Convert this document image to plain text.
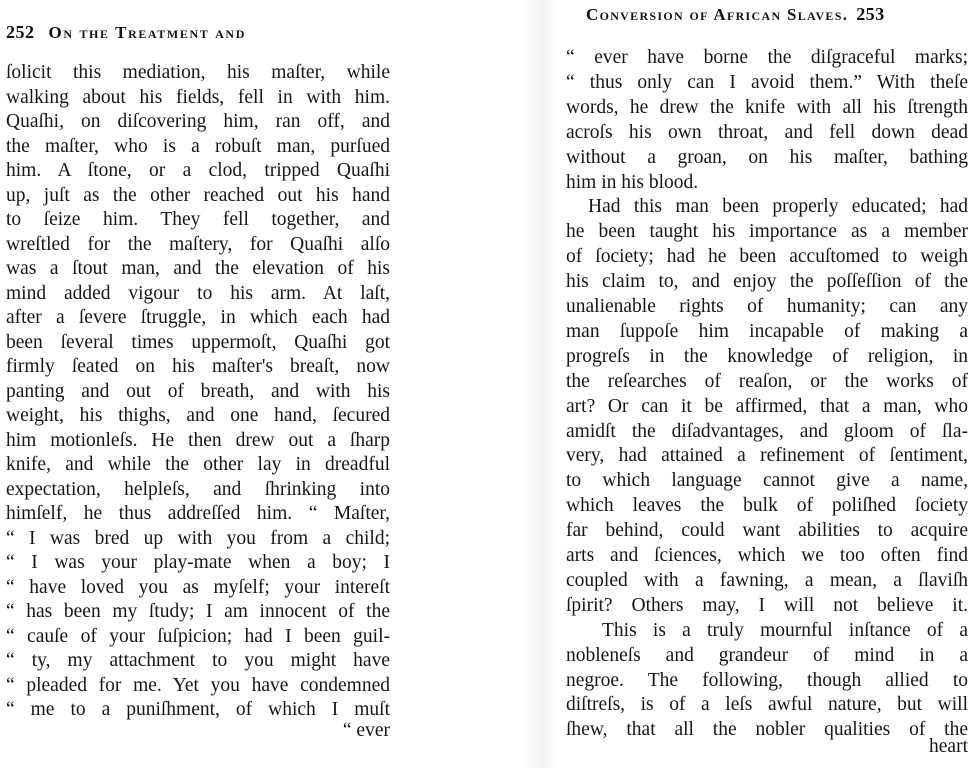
252 On the Treatment and
ſolicit this mediation, his maſter, while
walking about his fields, fell in with him.
Quaſhi, on diſcovering him, ran off, and
the maſter, who is a robuſt man, purſued
him. A ſtone, or a clod, tripped Quaſhi
up, juſt as the other reached out his hand
to ſeize him. They fell together, and
wreſtled for the maſtery, for Quaſhi alſo
was a ſtout man, and the elevation of his
mind added vigour to his arm. At laſt,
after a ſevere ſtruggle, in which each had
been ſeveral times uppermoſt, Quaſhi got
firmly ſeated on his maſter's breaſt, now
panting and out of breath, and with his
weight, his thighs, and one hand, ſecured
him motionleſs. He then drew out a ſharp
knife, and while the other lay in dreadful
expectation, helpleſs, and ſhrinking into
himſelf, he thus addreſſed him. “ Maſter,
“ I was bred up with you from a child;
“ I was your play-mate when a boy; I
“ have loved you as myſelf; your intereſt
“ has been my ſtudy; I am innocent of the
“ cauſe of your ſuſpicion; had I been guil-
“ ty, my attachment to you might have
“ pleaded for me. Yet you have condemned
“ me to a puniſhment, of which I muſt
“ ever
Conversion of African Slaves. 253
“ ever have borne the diſgraceful marks;
“ thus only can I avoid them.” With theſe
words, he drew the knife with all his ſtrength
acroſs his own throat, and fell down dead
without a groan, on his maſter, bathing
him in his blood.
Had this man been properly educated; had
he been taught his importance as a member
of ſociety; had he been accuſtomed to weigh
his claim to, and enjoy the poſſeſſion of the
unalienable rights of humanity; can any
man ſuppoſe him incapable of making a
progreſs in the knowledge of religion, in
the reſearches of reaſon, or the works of
art? Or can it be affirmed, that a man, who
amidſt the diſadvantages, and gloom of ſla-
very, had attained a refinement of ſentiment,
to which language cannot give a name,
which leaves the bulk of poliſhed ſociety
far behind, could want abilities to acquire
arts and ſciences, which we too often find
coupled with a fawning, a mean, a ſlaviſh
ſpirit? Others may, I will not believe it.
This is a truly mournful inſtance of a
nobleneſs and grandeur of mind in a
negroe. The following, though allied to
diſtreſs, is of a leſs awful nature, but will
ſhew, that all the nobler qualities of the
heart
